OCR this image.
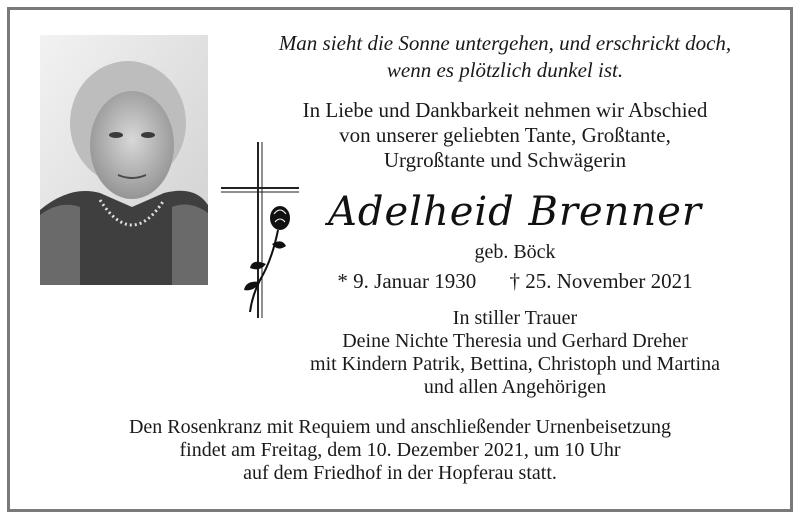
Man sieht die Sonne untergehen, und erschrickt doch,
wenn es plötzlich dunkel ist.
In Liebe und Dankbarkeit nehmen wir Abschied
von unserer geliebten Tante, Großtante,
Urgroßtante und Schwägerin
Adelheid Brenner
geb. Böck
* 9. Januar 1930 † 25. November 2021
In stiller Trauer
Deine Nichte Theresia und Gerhard Dreher
mit Kindern Patrik, Bettina, Christoph und Martina
und allen Angehörigen
Den Rosenkranz mit Requiem und anschließender Urnenbeisetzung
findet am Freitag, dem 10. Dezember 2021, um 10 Uhr
auf dem Friedhof in der Hopferau statt.
